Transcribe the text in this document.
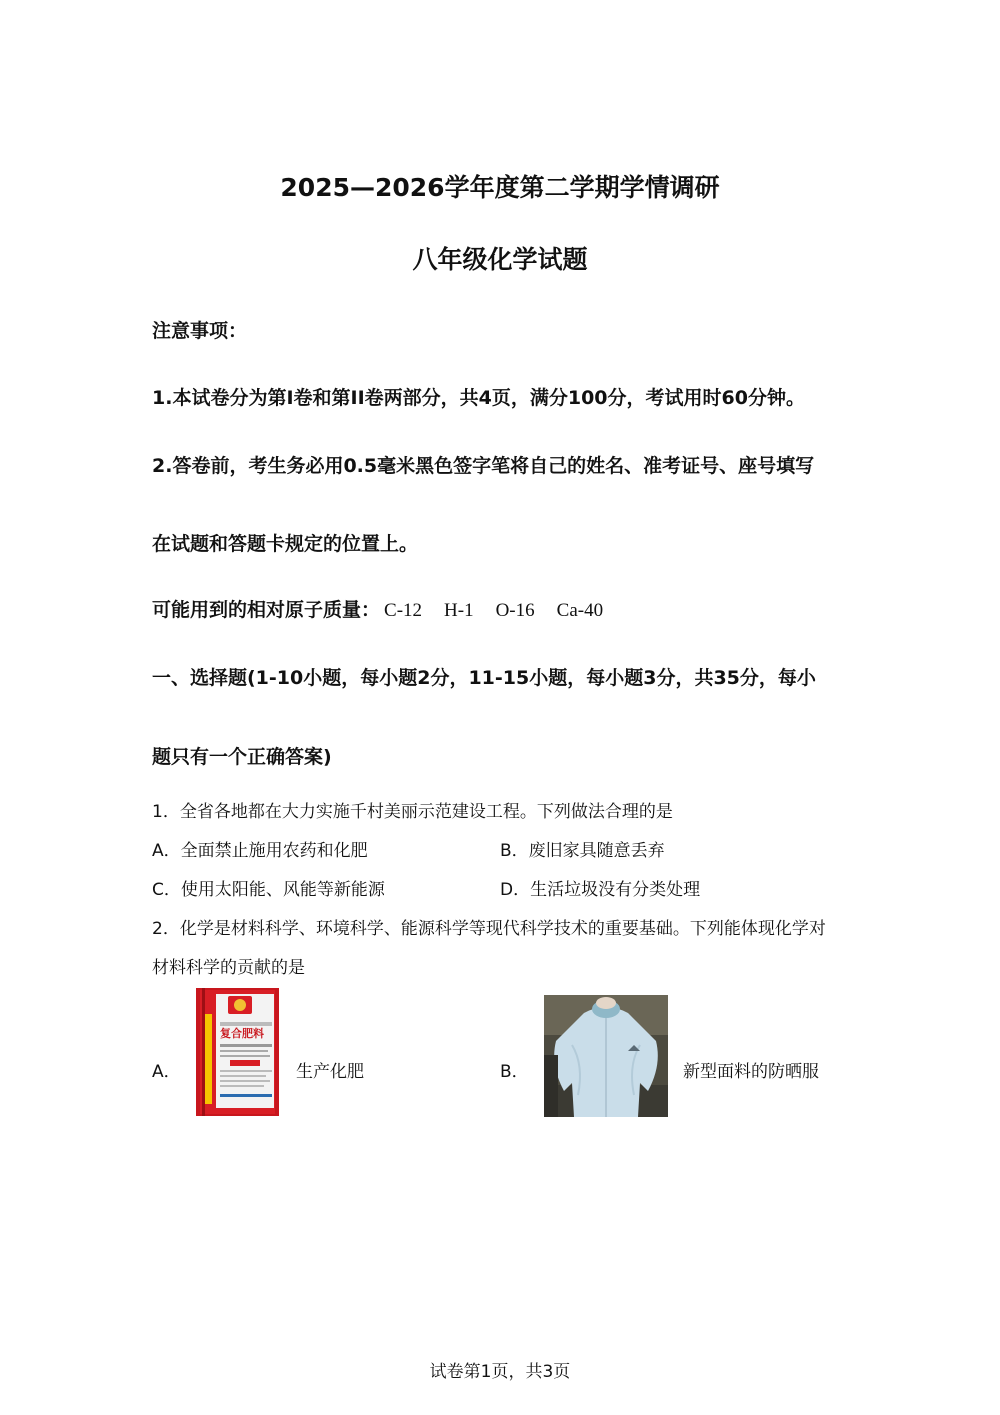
2025—2026学年度第二学期学情调研
八年级化学试题
注意事项：
1.本试卷分为第Ⅰ卷和第II卷两部分，共4页，满分100分，考试用时60分钟。
2.答卷前，考生务必用0.5毫米黑色签字笔将自己的姓名、准考证号、座号填写
在试题和答题卡规定的位置上。
可能用到的相对原子质量： C-12 H-1 O-16 Ca-40
一、选择题(1-10小题，每小题2分，11-15小题，每小题3分，共35分，每小
题只有一个正确答案)
1．全省各地都在大力实施千村美丽示范建设工程。下列做法合理的是
A．全面禁止施用农药和化肥	B．废旧家具随意丢弃
C．使用太阳能、风能等新能源	D．生活垃圾没有分类处理
2．化学是材料科学、环境科学、能源科学等现代科学技术的重要基础。下列能体现化学对
材料科学的贡献的是
A．
复合肥料
生产化肥	B．	新型面料的防晒服
试卷第1页，共3页
